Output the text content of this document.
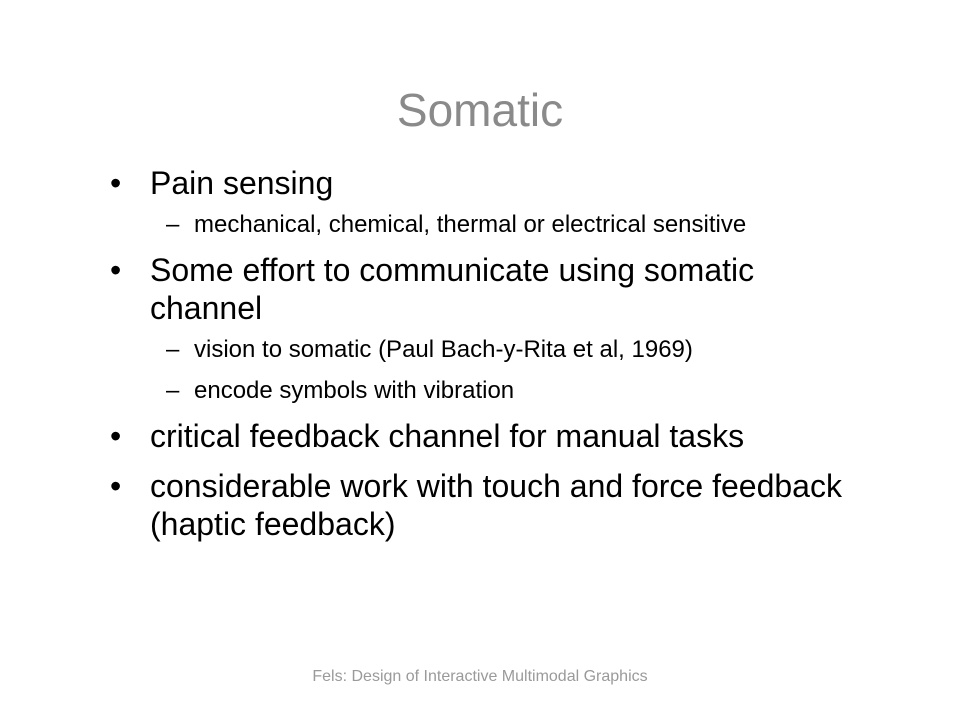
Somatic
• Pain sensing
– mechanical, chemical, thermal or electrical sensitive
• Some effort to communicate using somatic channel
– vision to somatic (Paul Bach-y-Rita et al, 1969)
– encode symbols with vibration
• critical feedback channel for manual tasks
• considerable work with touch and force feedback (haptic feedback)
Fels: Design of Interactive Multimodal Graphics
